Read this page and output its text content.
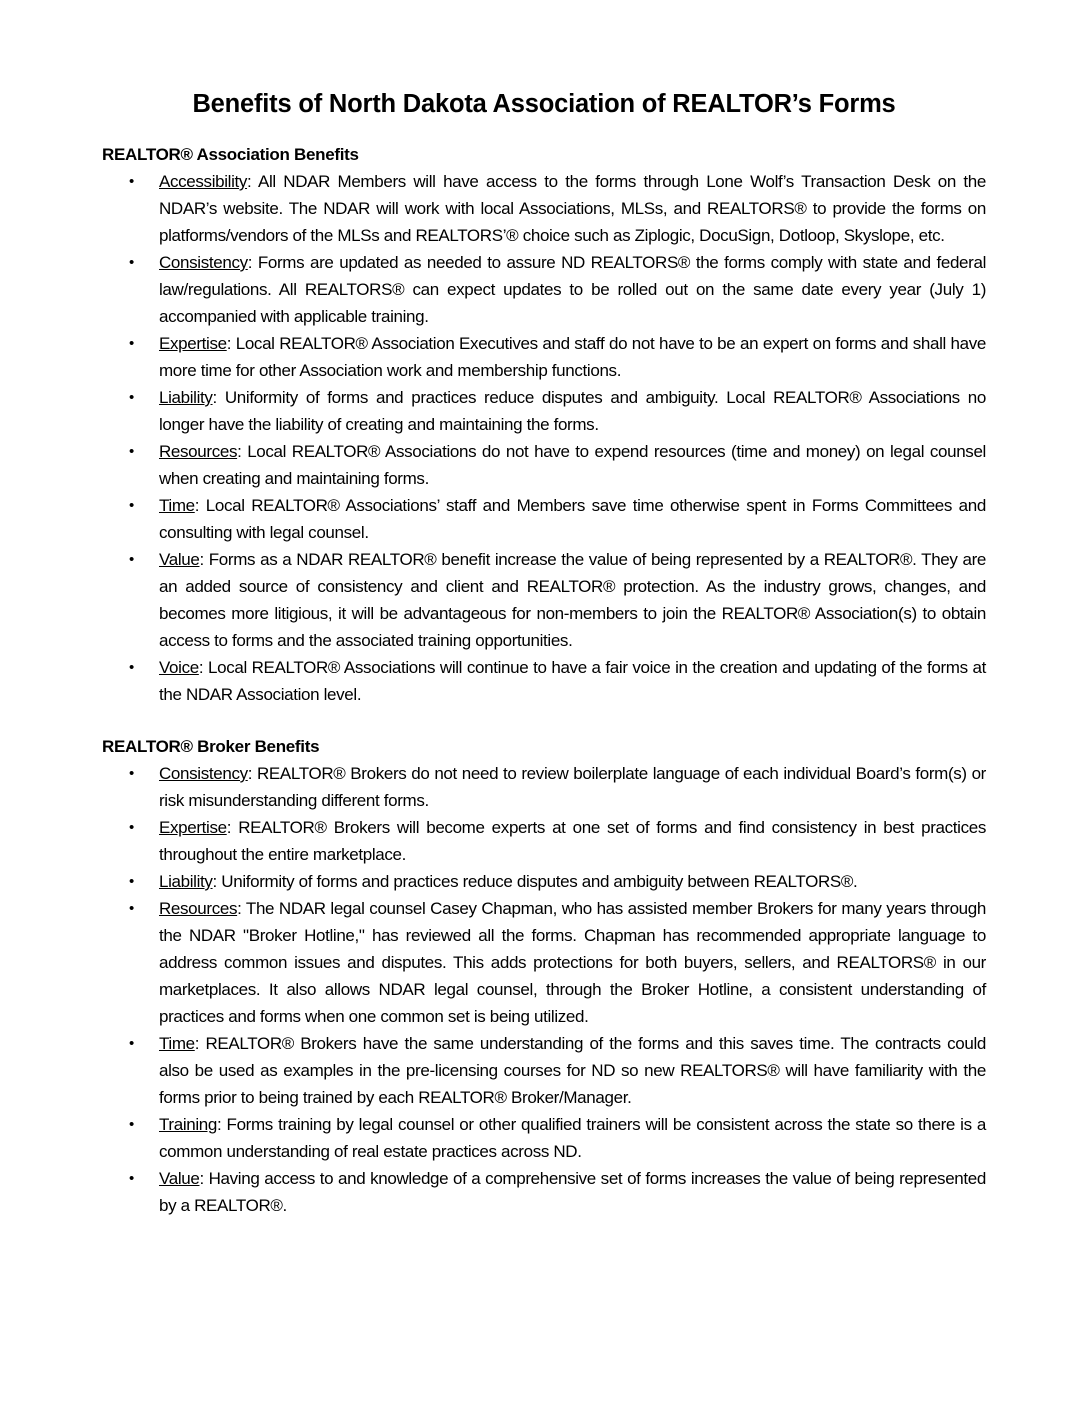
Benefits of North Dakota Association of REALTOR’s Forms

REALTOR® Association Benefits

• Accessibility: All NDAR Members will have access to the forms through Lone Wolf’s Transaction Desk on the NDAR’s website. The NDAR will work with local Associations, MLSs, and REALTORS® to provide the forms on platforms/vendors of the MLSs and REALTORS’® choice such as Ziplogic, DocuSign, Dotloop, Skyslope, etc.
• Consistency: Forms are updated as needed to assure ND REALTORS® the forms comply with state and federal law/regulations. All REALTORS® can expect updates to be rolled out on the same date every year (July 1) accompanied with applicable training.
• Expertise: Local REALTOR® Association Executives and staff do not have to be an expert on forms and shall have more time for other Association work and membership functions.
• Liability: Uniformity of forms and practices reduce disputes and ambiguity. Local REALTOR® Associations no longer have the liability of creating and maintaining the forms.
• Resources: Local REALTOR® Associations do not have to expend resources (time and money) on legal counsel when creating and maintaining forms.
• Time: Local REALTOR® Associations’ staff and Members save time otherwise spent in Forms Committees and consulting with legal counsel.
• Value: Forms as a NDAR REALTOR® benefit increase the value of being represented by a REALTOR®. They are an added source of consistency and client and REALTOR® protection. As the industry grows, changes, and becomes more litigious, it will be advantageous for non-members to join the REALTOR® Association(s) to obtain access to forms and the associated training opportunities.
• Voice: Local REALTOR® Associations will continue to have a fair voice in the creation and updating of the forms at the NDAR Association level.

REALTOR® Broker Benefits

• Consistency: REALTOR® Brokers do not need to review boilerplate language of each individual Board’s form(s) or risk misunderstanding different forms.
• Expertise: REALTOR® Brokers will become experts at one set of forms and find consistency in best practices throughout the entire marketplace.
• Liability: Uniformity of forms and practices reduce disputes and ambiguity between REALTORS®.
• Resources: The NDAR legal counsel Casey Chapman, who has assisted member Brokers for many years through the NDAR "Broker Hotline," has reviewed all the forms. Chapman has recommended appropriate language to address common issues and disputes. This adds protections for both buyers, sellers, and REALTORS® in our marketplaces. It also allows NDAR legal counsel, through the Broker Hotline, a consistent understanding of practices and forms when one common set is being utilized.
• Time: REALTOR® Brokers have the same understanding of the forms and this saves time. The contracts could also be used as examples in the pre-licensing courses for ND so new REALTORS® will have familiarity with the forms prior to being trained by each REALTOR® Broker/Manager.
• Training: Forms training by legal counsel or other qualified trainers will be consistent across the state so there is a common understanding of real estate practices across ND.
• Value: Having access to and knowledge of a comprehensive set of forms increases the value of being represented by a REALTOR®.
